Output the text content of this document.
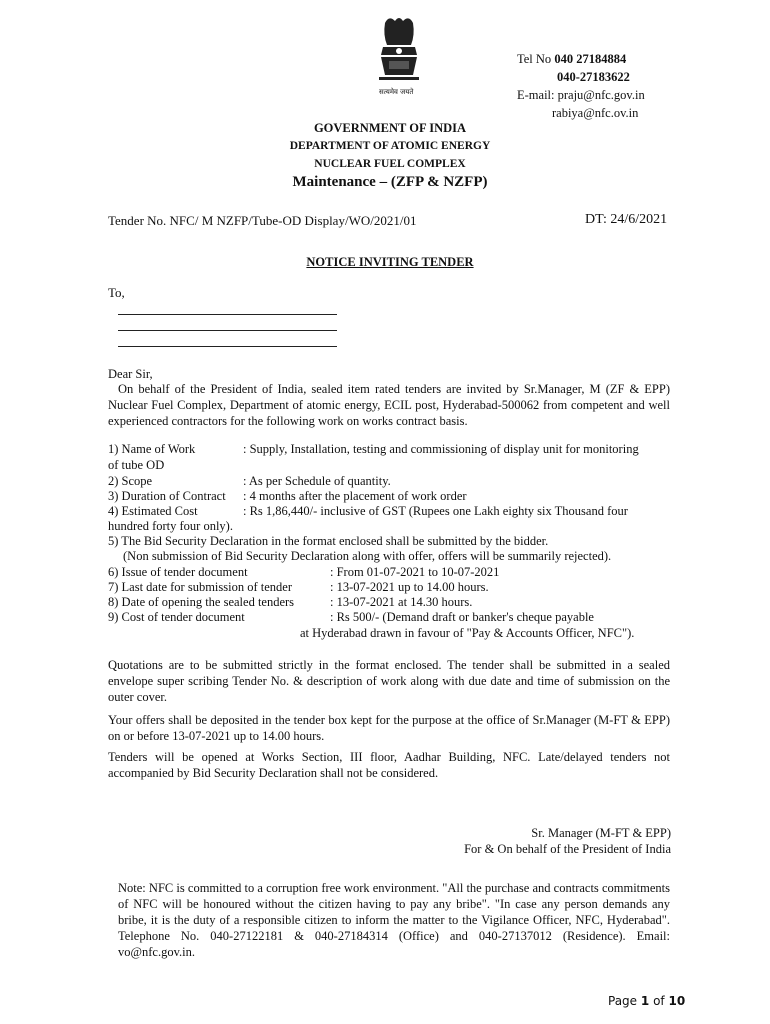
सत्यमेव जयते
Tel No 040 27184884
040-27183622
E-mail: praju@nfc.gov.in
rabiya@nfc.ov.in
GOVERNMENT OF INDIA
DEPARTMENT OF ATOMIC ENERGY
NUCLEAR FUEL COMPLEX
Maintenance – (ZFP & NZFP)
Tender No. NFC/ M NZFP/Tube-OD Display/WO/2021/01	DT: 24/6/2021
NOTICE INVITING TENDER
To,
Dear Sir,
On behalf of the President of India, sealed item rated tenders are invited by Sr.Manager, M (ZF & EPP) Nuclear Fuel Complex, Department of atomic energy, ECIL post, Hyderabad-500062 from competent and well experienced contractors for the following work on works contract basis.
1) Name of Work	: Supply, Installation, testing and commissioning of display unit for monitoring
of tube OD
2) Scope	: As per Schedule of quantity.
3) Duration of Contract : 4 months after the placement of work order
4) Estimated Cost	: Rs 1,86,440/- inclusive of GST (Rupees one Lakh eighty six Thousand four
hundred forty four only).
5) The Bid Security Declaration in the format enclosed shall be submitted by the bidder.
(Non submission of Bid Security Declaration along with offer, offers will be summarily rejected).
6) Issue of tender document	: From 01-07-2021 to 10-07-2021
7) Last date for submission of tender	: 13-07-2021 up to 14.00 hours.
8) Date of opening the sealed tenders	: 13-07-2021 at 14.30 hours.
9) Cost of tender document	: Rs 500/- (Demand draft or banker's cheque payable
at Hyderabad drawn in favour of "Pay & Accounts Officer, NFC").
Quotations are to be submitted strictly in the format enclosed. The tender shall be submitted in a sealed envelope super scribing Tender No. & description of work along with due date and time of submission on the outer cover.
Your offers shall be deposited in the tender box kept for the purpose at the office of Sr.Manager (M-FT & EPP) on or before 13-07-2021 up to 14.00 hours.
Tenders will be opened at Works Section, III floor, Aadhar Building, NFC. Late/delayed tenders not accompanied by Bid Security Declaration shall not be considered.
Sr. Manager (M-FT & EPP)
For & On behalf of the President of India
Note: NFC is committed to a corruption free work environment. "All the purchase and contracts commitments of NFC will be honoured without the citizen having to pay any bribe". "In case any person demands any bribe, it is the duty of a responsible citizen to inform the matter to the Vigilance Officer, NFC, Hyderabad". Telephone No. 040-27122181 & 040-27184314 (Office) and 040-27137012 (Residence). Email: vo@nfc.gov.in.
Page 1 of 10
